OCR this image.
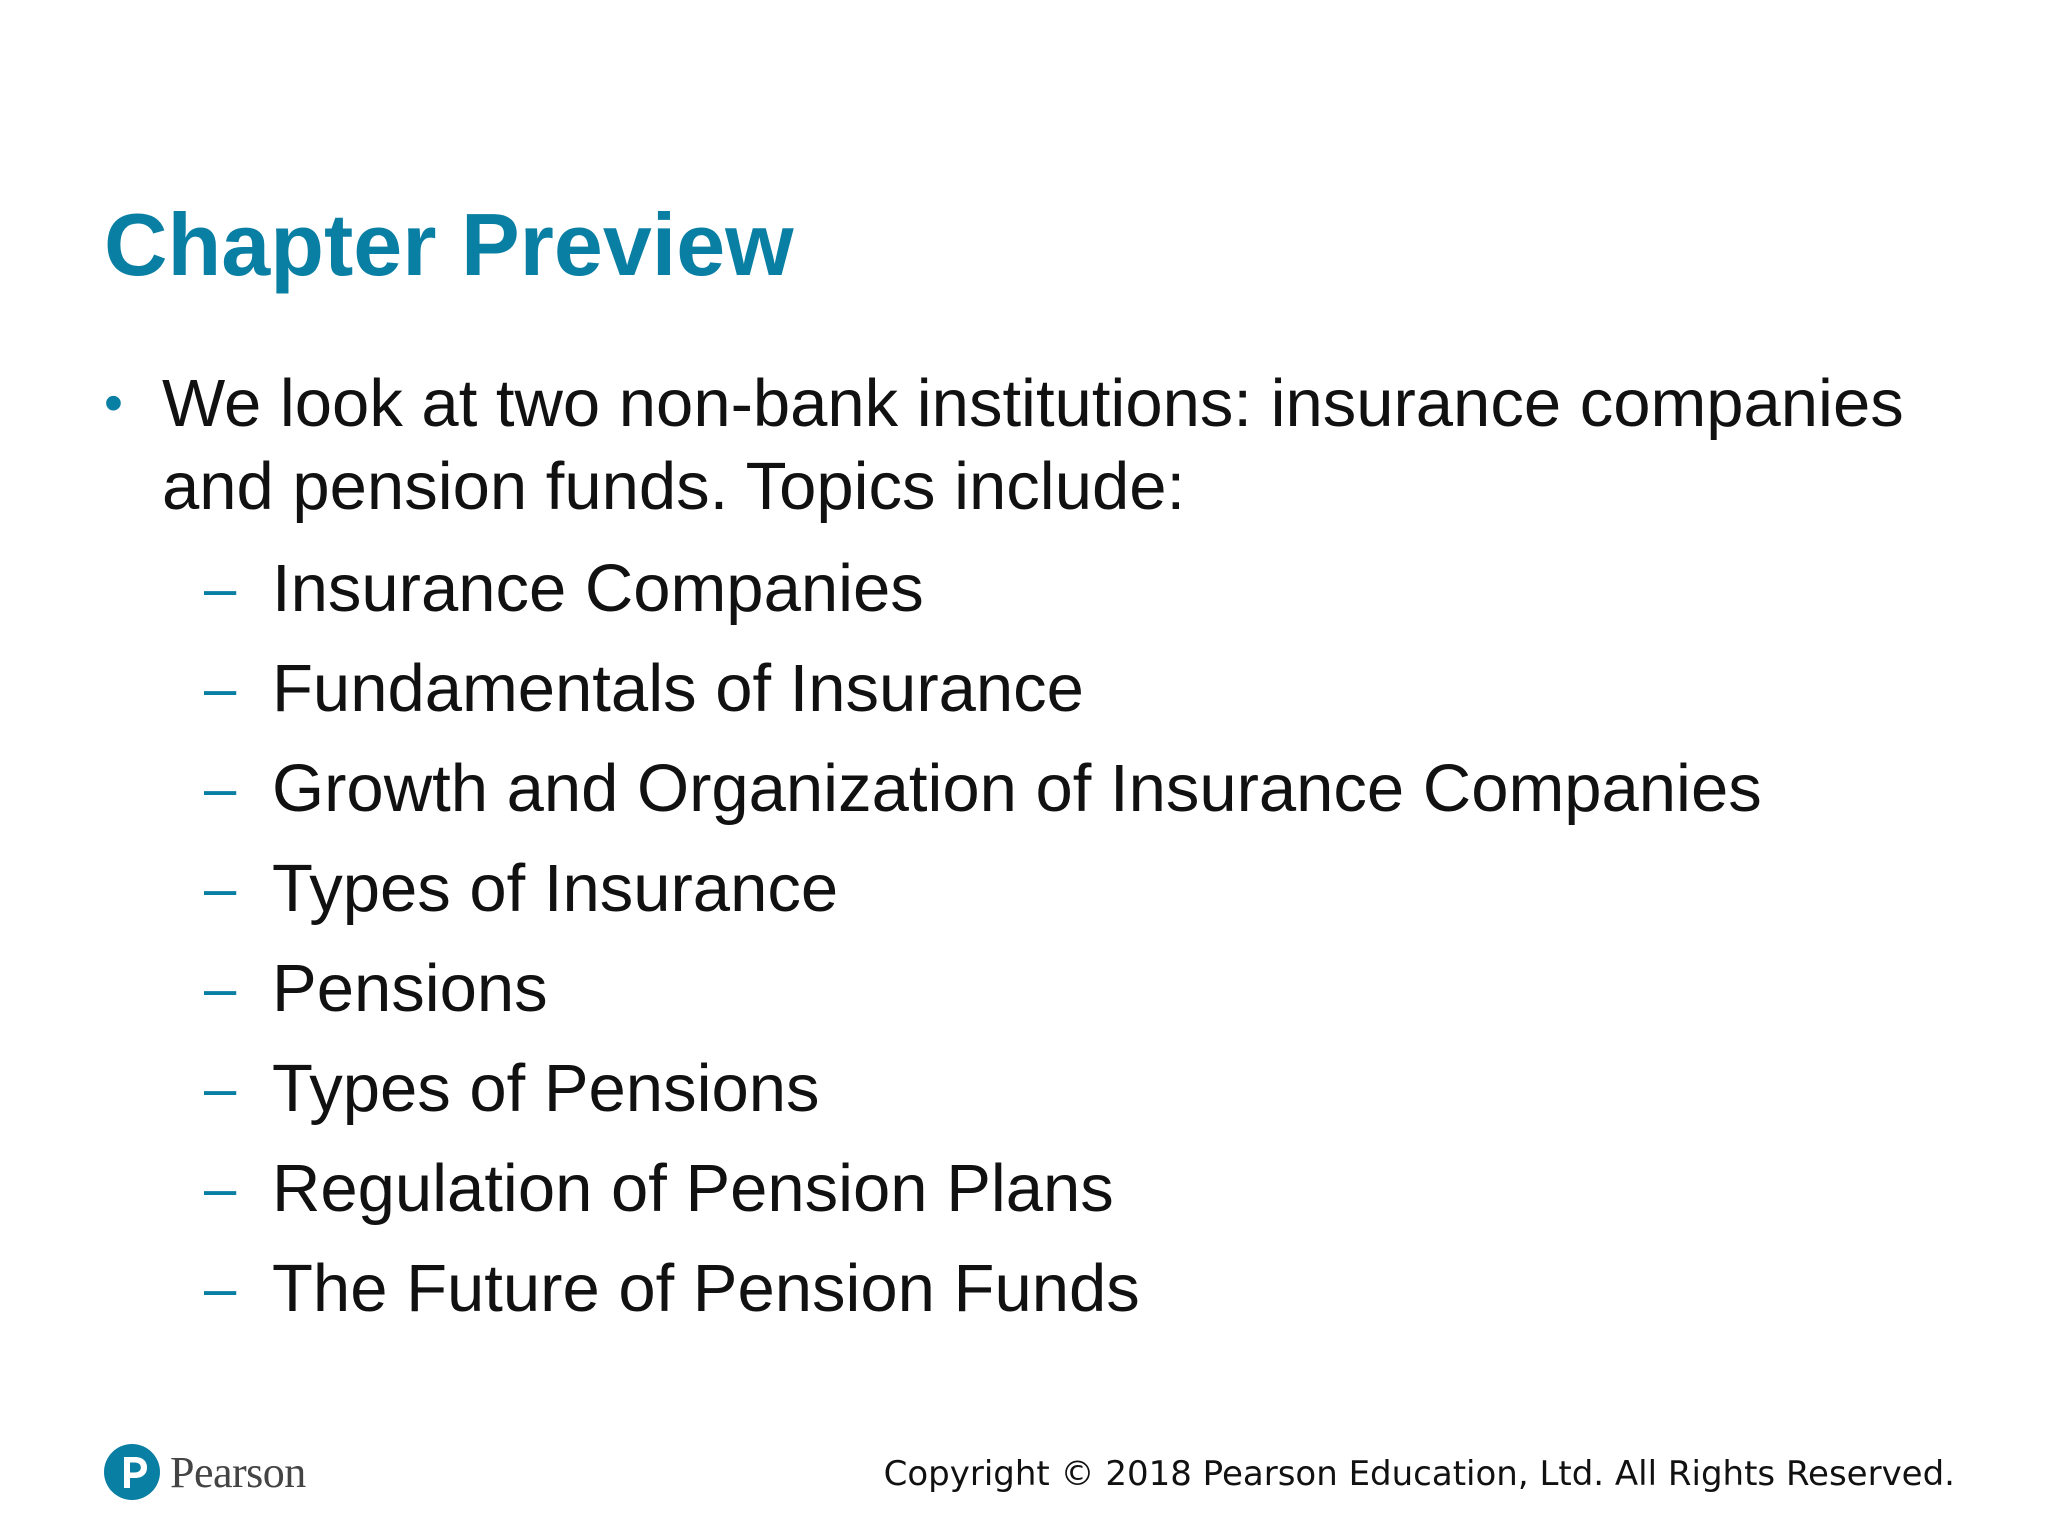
Chapter Preview
• We look at two non-bank institutions: insurance companies and pension funds. Topics include:
– Insurance Companies
– Fundamentals of Insurance
– Growth and Organization of Insurance Companies
– Types of Insurance
– Pensions
– Types of Pensions
– Regulation of Pension Plans
– The Future of Pension Funds
Pearson	Copyright © 2018 Pearson Education, Ltd. All Rights Reserved.
